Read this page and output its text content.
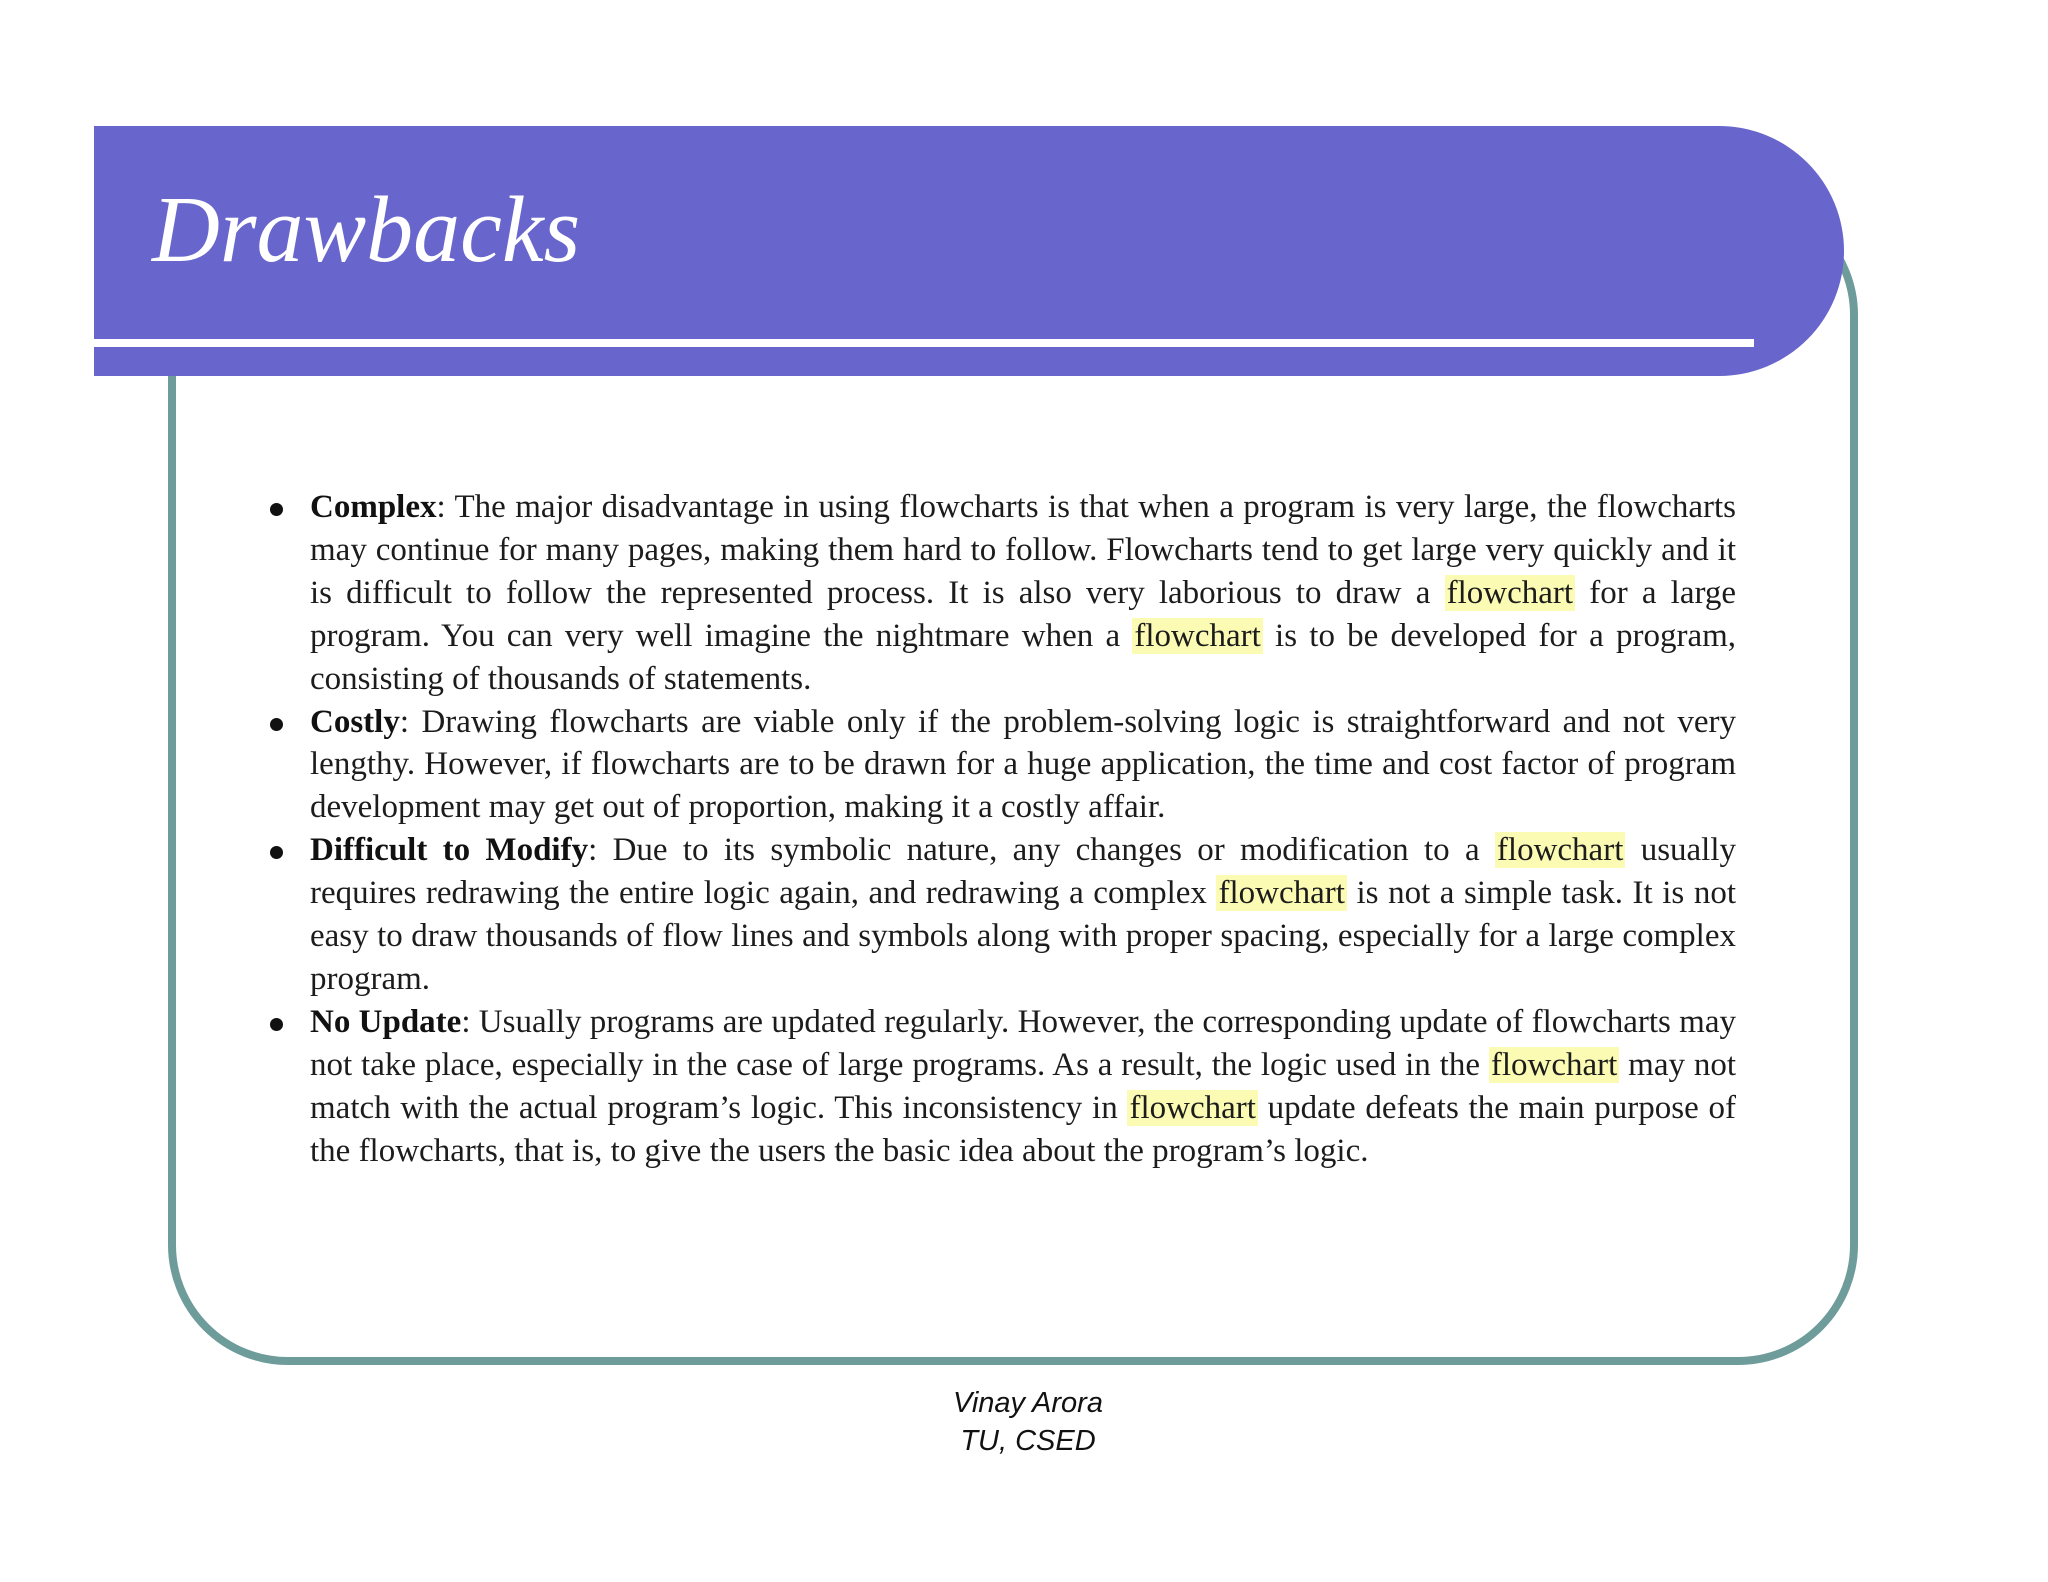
Drawbacks
Complex: The major disadvantage in using flowcharts is that when a program is very large, the flowcharts may continue for many pages, making them hard to follow. Flowcharts tend to get large very quickly and it is difficult to follow the represented process. It is also very laborious to draw a flowchart for a large program. You can very well imagine the nightmare when a flowchart is to be developed for a program, consisting of thousands of statements.
Costly: Drawing flowcharts are viable only if the problem-solving logic is straightforward and not very lengthy. However, if flowcharts are to be drawn for a huge application, the time and cost factor of program development may get out of proportion, making it a costly affair.
Difficult to Modify: Due to its symbolic nature, any changes or modification to a flowchart usually requires redrawing the entire logic again, and redrawing a complex flowchart is not a simple task. It is not easy to draw thousands of flow lines and symbols along with proper spacing, especially for a large complex program.
No Update: Usually programs are updated regularly. However, the corresponding update of flowcharts may not take place, especially in the case of large programs. As a result, the logic used in the flowchart may not match with the actual program’s logic. This inconsistency in flowchart update defeats the main purpose of the flowcharts, that is, to give the users the basic idea about the program’s logic.
Vinay Arora
TU, CSED
